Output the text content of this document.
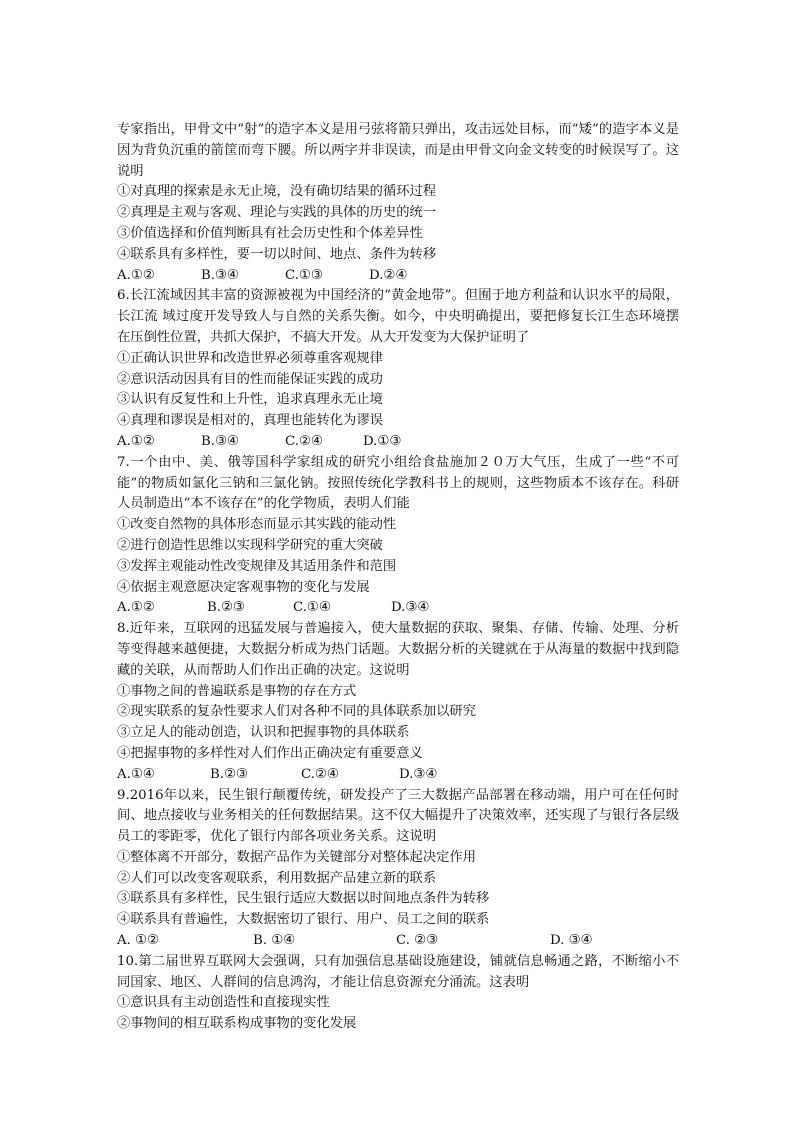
专家指出，甲骨文中“射”的造字本义是用弓弦将箭只弹出，攻击远处目标，而“矮”的造字本义是因为背负沉重的箭筐而弯下腰。所以两字并非误读，而是由甲骨文向金文转变的时候误写了。这说明

①对真理的探索是永无止境，没有确切结果的循环过程

②真理是主观与客观、理论与实践的具体的历史的统一

③价值选择和价值判断具有社会历史性和个体差异性

④联系具有多样性，要一切以时间、地点、条件为转移

A.①②	B.③④	C.①③	D.②④

6.长江流域因其丰富的资源被视为中国经济的“黄金地带”。但囿于地方利益和认识水平的局限，长江流 域过度开发导致人与自然的关系失衡。如今，中央明确提出，要把修复长江生态环境摆在压倒性位置，共抓大保护，不搞大开发。从大开发变为大保护证明了

①正确认识世界和改造世界必须尊重客观规律

②意识活动因具有目的性而能保证实践的成功

③认识有反复性和上升性，追求真理永无止境

④真理和谬误是相对的，真理也能转化为谬误

A.①②	B.③④	C.②④	D.①③

7.一个由中、美、俄等国科学家组成的研究小组给食盐施加２０万大气压，生成了一些“不可能”的物质如氯化三钠和三氯化钠。按照传统化学教科书上的规则，这些物质本不该存在。科研人员制造出“本不该存在”的化学物质，表明人们能

①改变自然物的具体形态而显示其实践的能动性

②进行创造性思维以实现科学研究的重大突破

③发挥主观能动性改变规律及其适用条件和范围

④依据主观意愿决定客观事物的变化与发展

A.①②	B.②③	C.①④	D.③④

8.近年来，互联网的迅猛发展与普遍接入，使大量数据的获取、聚集、存储、传输、处理、分析等变得越来越便捷，大数据分析成为热门话题。大数据分析的关键就在于从海量的数据中找到隐藏的关联，从而帮助人们作出正确的决定。这说明

①事物之间的普遍联系是事物的存在方式

②现实联系的复杂性要求人们对各种不同的具体联系加以研究

③立足人的能动创造，认识和把握事物的具体联系

④把握事物的多样性对人们作出正确决定有重要意义

A.①④	B.②③	C.②④	D.③④

9.2016年以来，民生银行颠覆传统，研发投产了三大数据产品部署在移动端，用户可在任何时间、地点接收与业务相关的任何数据结果。这不仅大幅提升了决策效率，还实现了与银行各层级员工的零距零，优化了银行内部各项业务关系。这说明

①整体离不开部分，数据产品作为关键部分对整体起决定作用

②人们可以改变客观联系，利用数据产品建立新的联系

③联系具有多样性，民生银行适应大数据以时间地点条件为转移

④联系具有普遍性，大数据密切了银行、用户、员工之间的联系

A. ①②	B. ①④	C. ②③	D. ③④

10.第二届世界互联网大会强调，只有加强信息基础设施建设，铺就信息畅通之路，不断缩小不同国家、地区、人群间的信息鸿沟，才能让信息资源充分涌流。这表明

①意识具有主动创造性和直接现实性

②事物间的相互联系构成事物的变化发展
